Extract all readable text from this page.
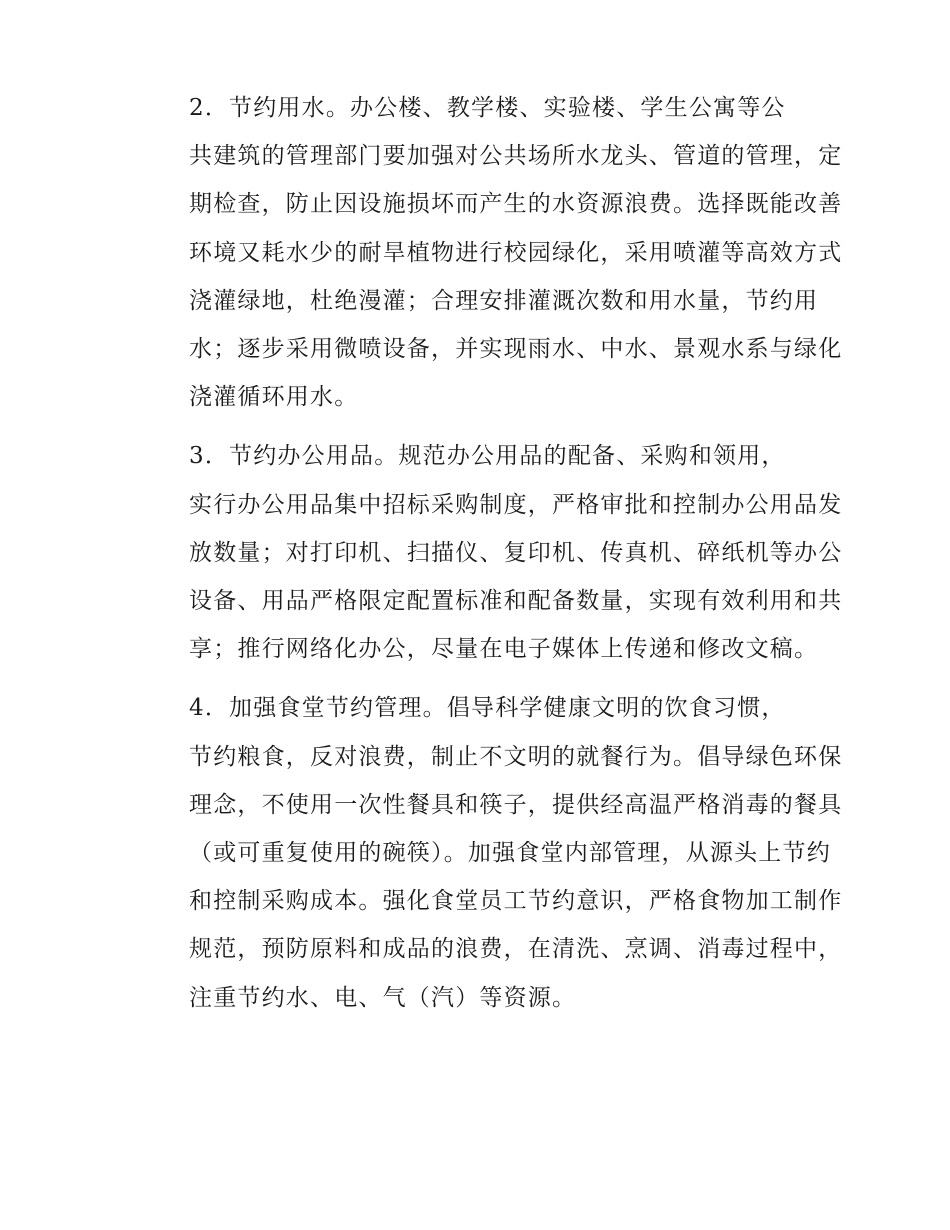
2．节约用水。办公楼、教学楼、实验楼、学生公寓等公
共建筑的管理部门要加强对公共场所水龙头、管道的管理，定
期检查，防止因设施损坏而产生的水资源浪费。选择既能改善
环境又耗水少的耐旱植物进行校园绿化，采用喷灌等高效方式
浇灌绿地，杜绝漫灌；合理安排灌溉次数和用水量，节约用
水；逐步采用微喷设备，并实现雨水、中水、景观水系与绿化
浇灌循环用水。

3．节约办公用品。规范办公用品的配备、采购和领用，
实行办公用品集中招标采购制度，严格审批和控制办公用品发
放数量；对打印机、扫描仪、复印机、传真机、碎纸机等办公
设备、用品严格限定配置标准和配备数量，实现有效利用和共
享；推行网络化办公，尽量在电子媒体上传递和修改文稿。

4．加强食堂节约管理。倡导科学健康文明的饮食习惯，
节约粮食，反对浪费，制止不文明的就餐行为。倡导绿色环保
理念，不使用一次性餐具和筷子，提供经高温严格消毒的餐具
（或可重复使用的碗筷）。加强食堂内部管理，从源头上节约
和控制采购成本。强化食堂员工节约意识，严格食物加工制作
规范，预防原料和成品的浪费，在清洗、烹调、消毒过程中，
注重节约水、电、气（汽）等资源。
